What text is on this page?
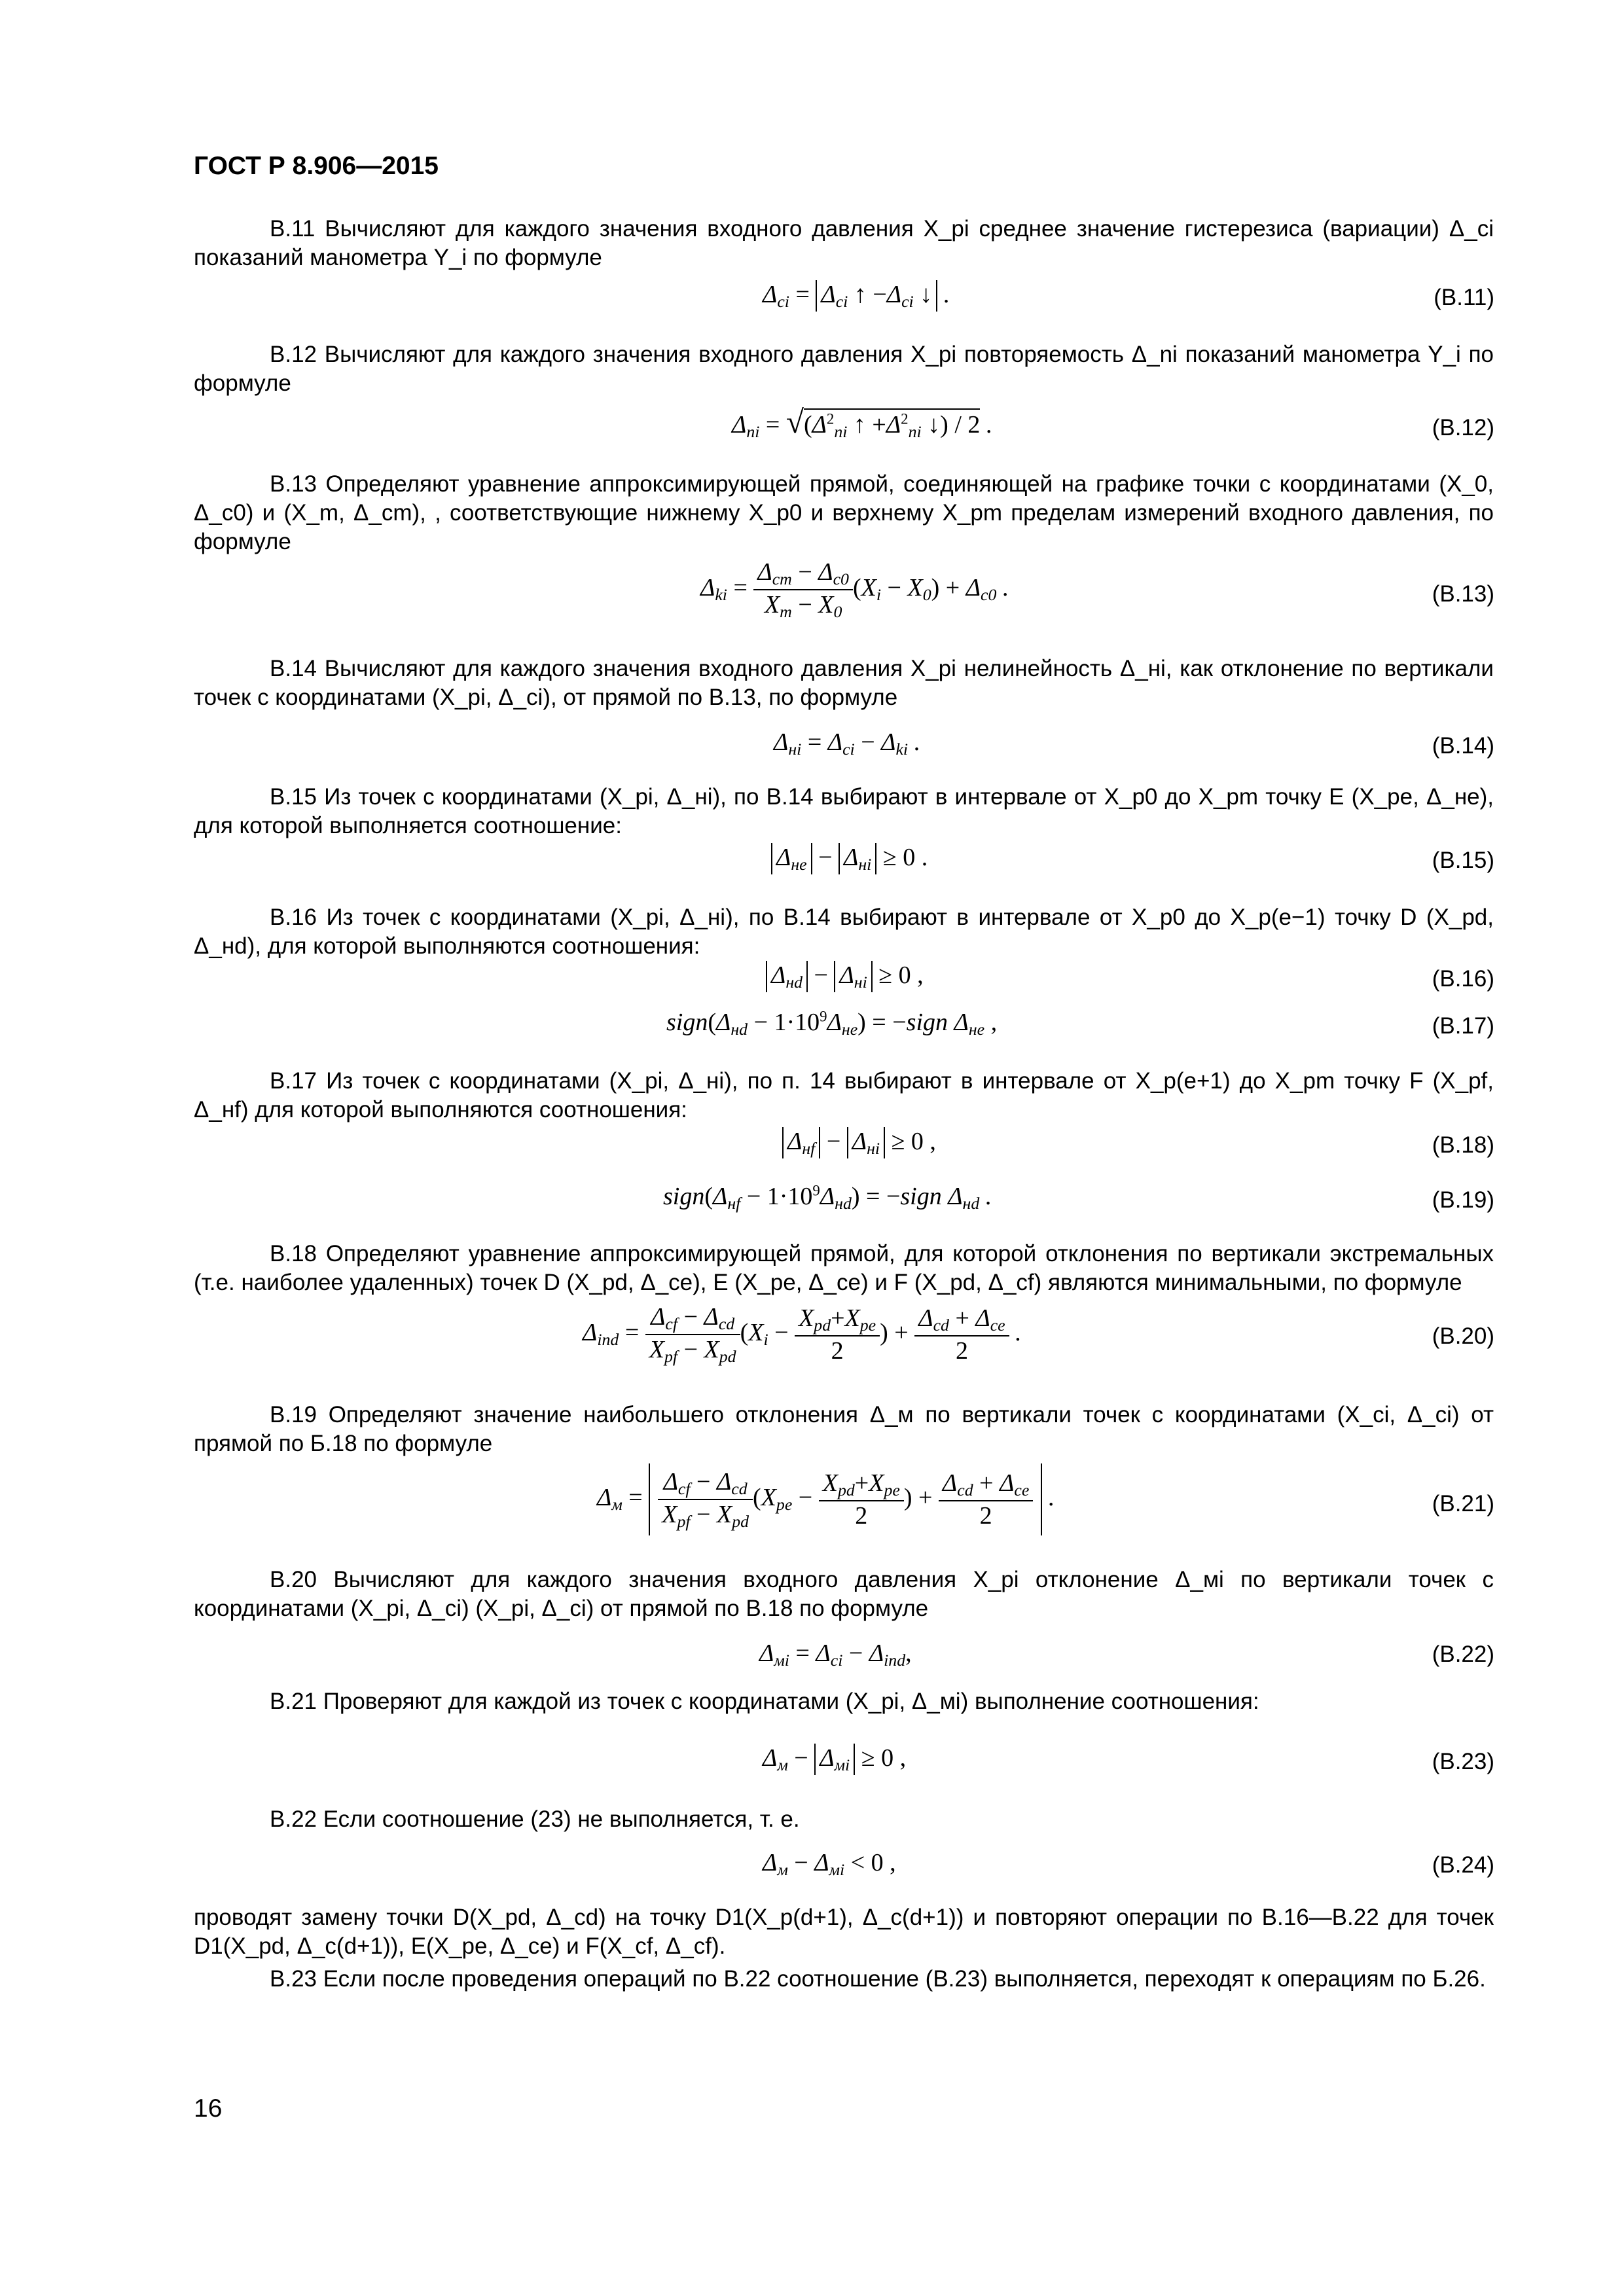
ГОСТ Р 8.906—2015
В.11 Вычисляют для каждого значения входного давления X_pi среднее значение гистерезиса (вариации) Δ_ci показаний манометра Y_i по формуле
Δci = Δci ↑ −Δci ↓ .	(В.11)
В.12 Вычисляют для каждого значения входного давления X_pi повторяемость Δ_ni показаний манометра Y_i по формуле
$\Delta ni = √(\Delta^2ni$ ↑ $+\Delta^2ni$ ↓) / 2 .	(В.12)
В.13 Определяют уравнение аппроксимирующей прямой, соединяющей на графике точки с координатами (X_0, Δ_c0) и (X_m, Δ_cm), , соответствующие нижнему X_p0 и верхнему X_pm пределам измерений входного давления, по формуле
$\Delta ki = \frac{\text{Δcm − Δc0}}{Xm - X0} (Xi - X0) + \Delta c0$ .	(В.13)
В.14 Вычисляют для каждого значения входного давления X_pi нелинейность Δ_нi, как отклонение по вертикали точек с координатами (X_pi, Δ_ci), от прямой по В.13, по формуле
Δнi = Δci − Δki .	(В.14)
В.15 Из точек с координатами (X_pi, Δ_нi), по В.14 выбирают в интервале от X_p0 до X_pm точку E (X_pe, Δ_не), для которой выполняется соотношение:
Δне − Δнi ≥ 0 .	(В.15)
В.16 Из точек с координатами (X_pi, Δ_нi), по В.14 выбирают в интервале от X_p0 до X_p(e−1) точку D (X_pd, Δ_нd), для которой выполняются соотношения:
Δнd − Δнi ≥ 0 ,	(В.16)
sign(Δнd − $1\cdot 10^9\Delta не$) = −sign Δне ,	(В.17)
В.17 Из точек с координатами (X_pi, Δ_нi), по п. 14 выбирают в интервале от X_p(e+1) до X_pm точку F (X_pf, Δ_нf) для которой выполняются соотношения:
Δнf − Δнi ≥ 0 ,	(В.18)
sign(Δнf − $1\cdot 10^9\Delta нd$) = −sign Δнd .	(В.19)
В.18 Определяют уравнение аппроксимирующей прямой, для которой отклонения по вертикали экстремальных (т.е. наиболее удаленных) точек D (X_pd, Δ_ce), E (X_pe, Δ_ce) и F (X_pd, Δ_cf) являются минимальными, по формуле
$\Delta ind = \frac{\text{Δcf − Δcd}}{\text{Xpf − Xpd}} (Xi - \frac{\text{Xpd+Xpe}}{2}$ ) + $\frac{\text{Δcd + Δce}}{2}$ .	(В.20)
В.19 Определяют значение наибольшего отклонения Δ_м по вертикали точек с координатами (X_ci, Δ_ci) от прямой по Б.18 по формуле
$\Delta м = \frac{\text{Δcf − Δcd}}{\text{Xpf − Xpd}} (Xpe - \frac{\text{Xpd+Xpe}}{2}$ ) + $\frac{\text{Δcd + Δce}}{2}$ .	(В.21)
В.20 Вычисляют для каждого значения входного давления X_pi отклонение Δ_мi по вертикали точек с координатами (X_pi, Δ_ci) (X_pi, Δ_ci) от прямой по В.18 по формуле
Δмi = Δci − Δind,	(В.22)
В.21 Проверяют для каждой из точек с координатами (X_pi, Δ_мi) выполнение соотношения:
Δм − Δмi ≥ 0 ,	(В.23)
В.22 Если соотношение (23) не выполняется, т. е.
Δм − Δмi < 0 ,	(В.24)
проводят замену точки D(X_pd, Δ_cd) на точку D1(X_p(d+1), Δ_c(d+1)) и повторяют операции по В.16—В.22 для точек D1(X_pd, Δ_c(d+1)), E(X_pe, Δ_ce) и F(X_cf, Δ_cf).
В.23 Если после проведения операций по В.22 соотношение (В.23) выполняется, переходят к операциям по Б.26.
16
